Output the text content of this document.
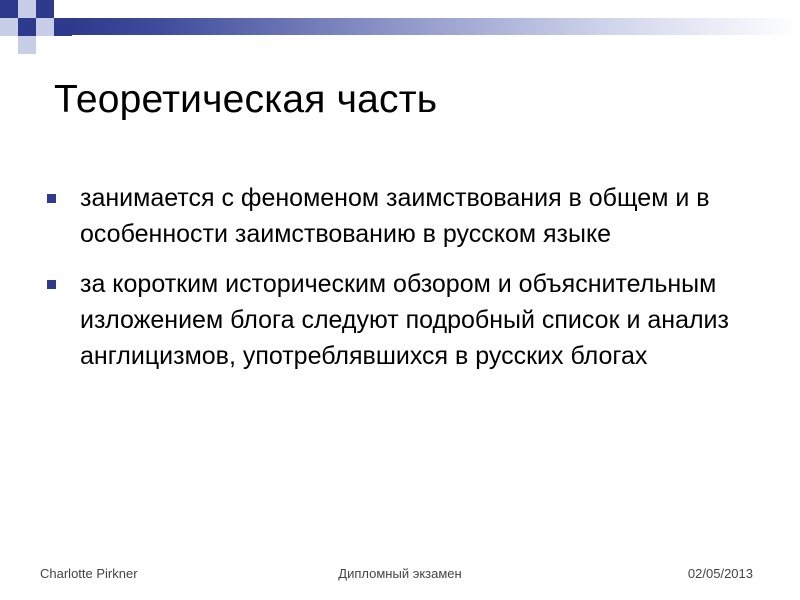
Теоретическая часть
занимается с феноменом заимствования в общем и в особенности заимствованию в русском языке
за коротким историческим обзором и объяснительным изложением блога следуют подробный список и анализ англицизмов, употреблявшихся в русских блогах
Charlotte Pirkner	Дипломный экзамен	02/05/2013
